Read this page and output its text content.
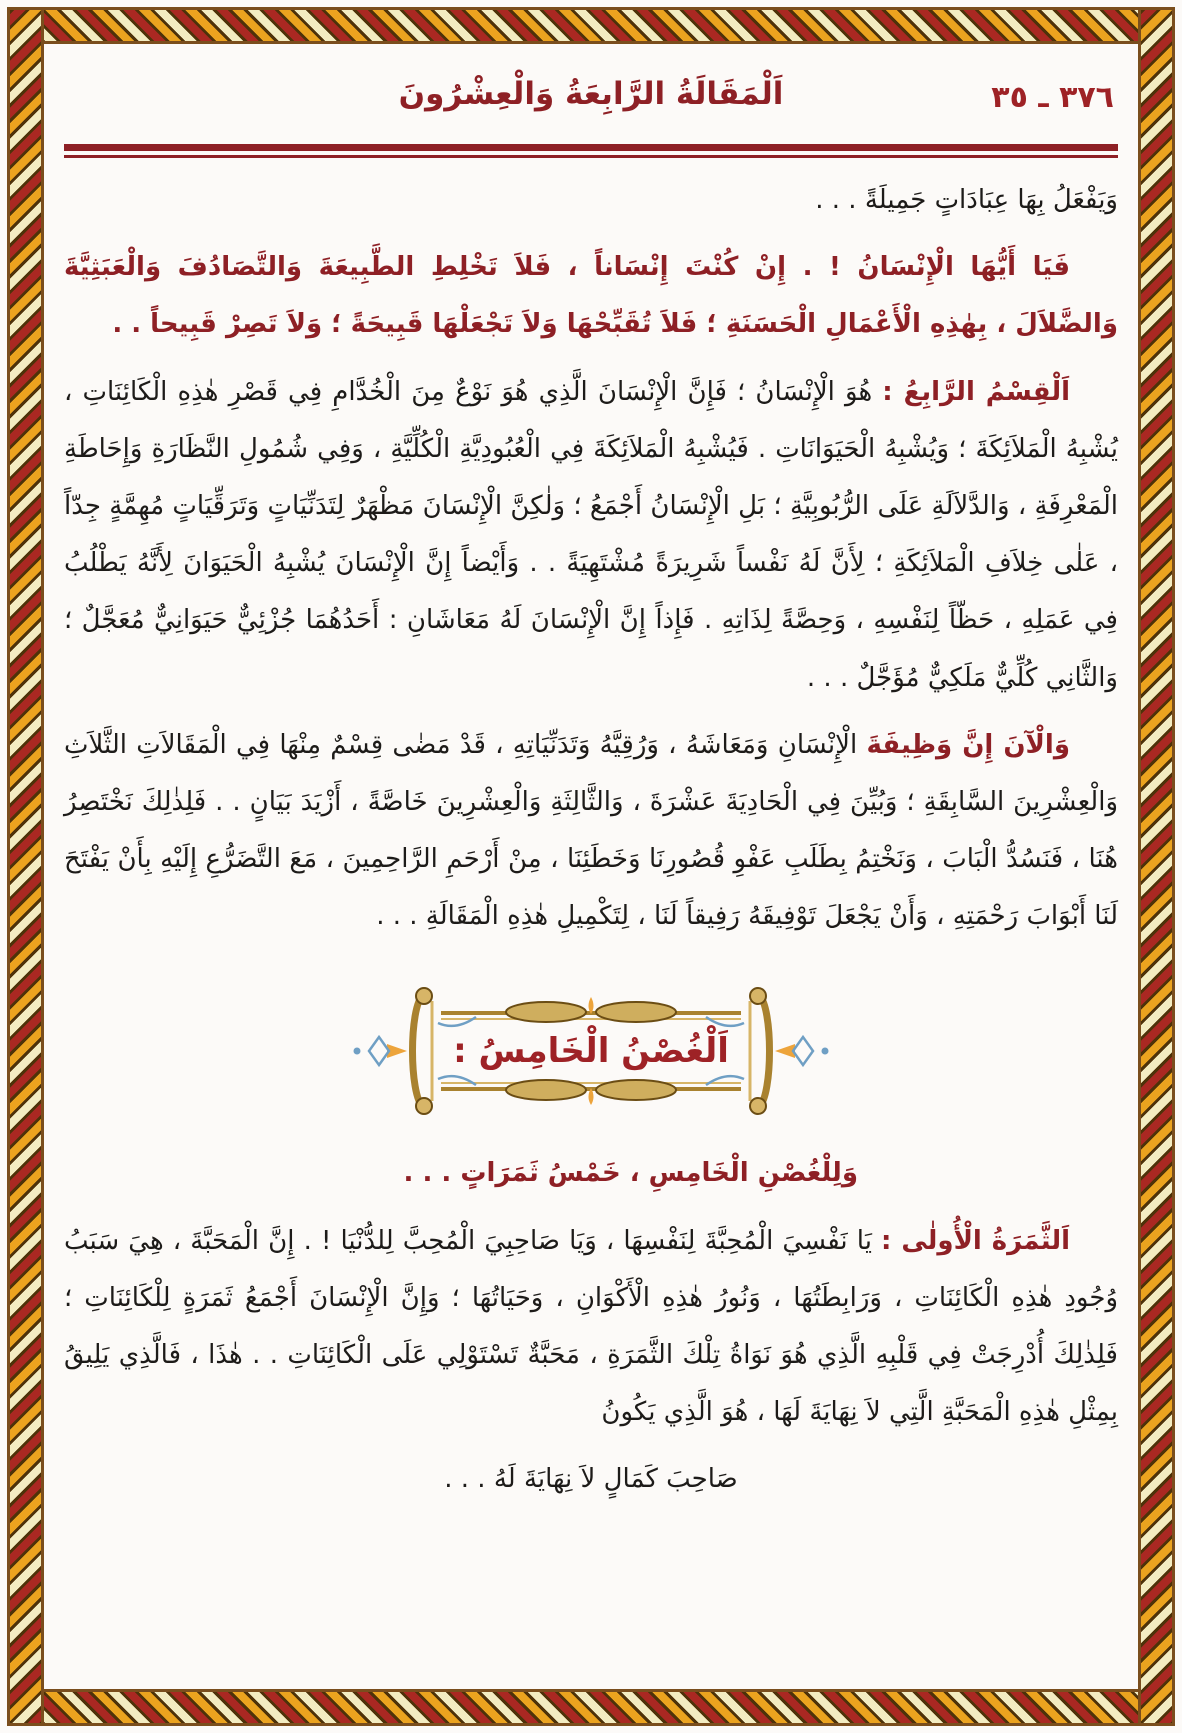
٣٧٦ ـ ٣٥
اَلْمَقَالَةُ الرَّابِعَةُ وَالْعِشْرُونَ

وَيَفْعَلُ بِهَا عِبَادَاتٍ جَمِيلَةً . . .

فَيَا أَيُّهَا الْإِنْسَانُ ! . إِنْ كُنْتَ إِنْسَاناً ، فَلاَ تَخْلِطِ الطَّبِيعَةَ وَالتَّصَادُفَ وَالْعَبَثِيَّةَ وَالضَّلاَلَ ، بِهٰذِهِ الْأَعْمَالِ الْحَسَنَةِ ؛ فَلاَ تُقَبِّحْهَا وَلاَ تَجْعَلْهَا قَبِيحَةً ؛ وَلاَ تَصِرْ قَبِيحاً . .

اَلْقِسْمُ الرَّابِعُ : هُوَ الْإِنْسَانُ ؛ فَإِنَّ الْإِنْسَانَ الَّذِي هُوَ نَوْعٌ مِنَ الْخُدَّامِ فِي قَصْرِ هٰذِهِ الْكَائِنَاتِ ، يُشْبِهُ الْمَلاَئِكَةَ ؛ وَيُشْبِهُ الْحَيَوَانَاتِ . فَيُشْبِهُ الْمَلاَئِكَةَ فِي الْعُبُودِيَّةِ الْكُلِّيَّةِ ، وَفِي شُمُولِ النَّظَارَةِ وَإِحَاطَةِ الْمَعْرِفَةِ ، وَالدَّلاَلَةِ عَلَى الرُّبُوبِيَّةِ ؛ بَلِ الْإِنْسَانُ أَجْمَعُ ؛ وَلٰكِنَّ الْإِنْسَانَ مَظْهَرٌ لِتَدَنِّيَاتٍ وَتَرَقِّيَاتٍ مُهِمَّةٍ جِدّاً ، عَلٰى خِلاَفِ الْمَلاَئِكَةِ ؛ لِأَنَّ لَهُ نَفْساً شَرِيرَةً مُشْتَهِيَةً . . وَأَيْضاً إِنَّ الْإِنْسَانَ يُشْبِهُ الْحَيَوَانَ لِأَنَّهُ يَطْلُبُ فِي عَمَلِهِ ، حَظّاً لِنَفْسِهِ ، وَحِصَّةً لِذَاتِهِ . فَإِذاً إِنَّ الْإِنْسَانَ لَهُ مَعَاشَانِ : أَحَدُهُمَا جُزْئِيٌّ حَيَوَانِيٌّ مُعَجَّلٌ ؛ وَالثَّانِي كُلِّيٌّ مَلَكِيٌّ مُؤَجَّلٌ . . .

وَالْآنَ إِنَّ وَظِيفَةَ الْإِنْسَانِ وَمَعَاشَهُ ، وَرُقِيَّهُ وَتَدَنِّيَاتِهِ ، قَدْ مَضٰى قِسْمٌ مِنْهَا فِي الْمَقَالاَتِ الثَّلاَثِ وَالْعِشْرِينَ السَّابِقَةِ ؛ وَبُيِّنَ فِي الْحَادِيَةَ عَشْرَةَ ، وَالثَّالِثَةِ وَالْعِشْرِينَ خَاصَّةً ، أَزْيَدَ بَيَانٍ . . فَلِذٰلِكَ نَخْتَصِرُ هُنَا ، فَنَسُدُّ الْبَابَ ، وَنَخْتِمُ بِطَلَبِ عَفْوِ قُصُورِنَا وَخَطَئِنَا ، مِنْ أَرْحَمِ الرَّاحِمِينَ ، مَعَ التَّضَرُّعِ إِلَيْهِ بِأَنْ يَفْتَحَ لَنَا أَبْوَابَ رَحْمَتِهِ ، وَأَنْ يَجْعَلَ تَوْفِيقَهُ رَفِيقاً لَنَا ، لِتَكْمِيلِ هٰذِهِ الْمَقَالَةِ . . .

اَلْغُصْنُ الْخَامِسُ :

وَلِلْغُصْنِ الْخَامِسِ ، خَمْسُ ثَمَرَاتٍ . . .

اَلثَّمَرَةُ الْأُولٰى : يَا نَفْسِيَ الْمُحِبَّةَ لِنَفْسِهَا ، وَيَا صَاحِبِيَ الْمُحِبَّ لِلدُّنْيَا ! . إِنَّ الْمَحَبَّةَ ، هِيَ سَبَبُ وُجُودِ هٰذِهِ الْكَائِنَاتِ ، وَرَابِطَتُهَا ، وَنُورُ هٰذِهِ الْأَكْوَانِ ، وَحَيَاتُهَا ؛ وَإِنَّ الْإِنْسَانَ أَجْمَعُ ثَمَرَةٍ لِلْكَائِنَاتِ ؛ فَلِذٰلِكَ أُدْرِجَتْ فِي قَلْبِهِ الَّذِي هُوَ نَوَاةُ تِلْكَ الثَّمَرَةِ ، مَحَبَّةٌ تَسْتَوْلِي عَلَى الْكَائِنَاتِ . . هٰذَا ، فَالَّذِي يَلِيقُ بِمِثْلِ هٰذِهِ الْمَحَبَّةِ الَّتِي لاَ نِهَايَةَ لَهَا ، هُوَ الَّذِي يَكُونُ

صَاحِبَ كَمَالٍ لاَ نِهَايَةَ لَهُ . . .
